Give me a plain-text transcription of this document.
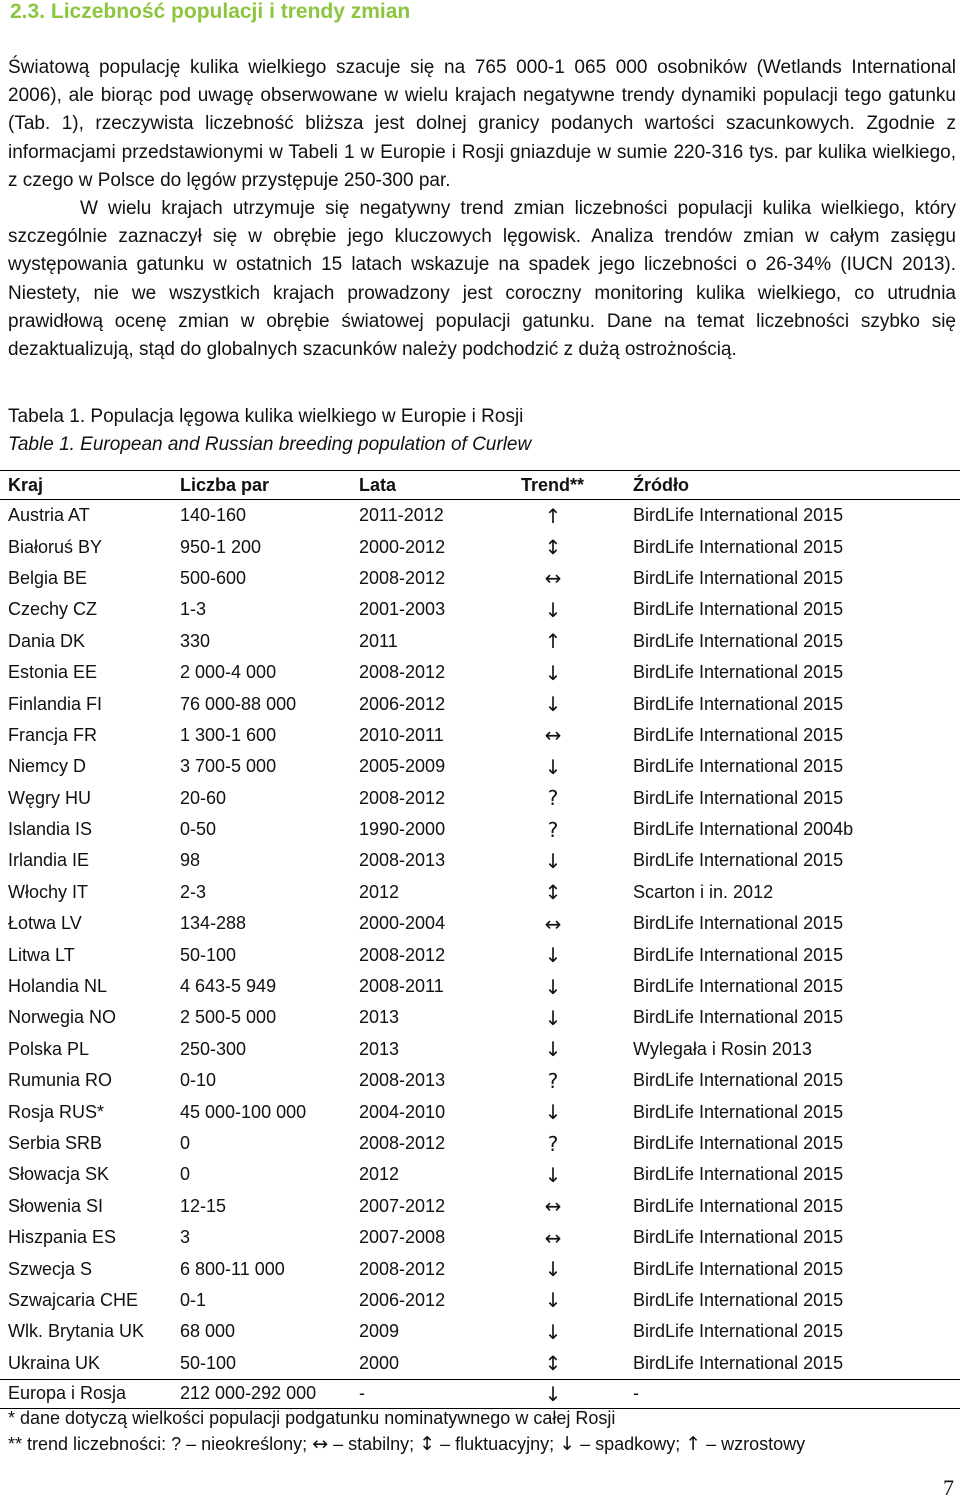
2.3. Liczebność populacji i trendy zmian

Światową populację kulika wielkiego szacuje się na 765 000-1 065 000 osobników (Wetlands International 2006), ale biorąc pod uwagę obserwowane w wielu krajach negatywne trendy dynamiki populacji tego gatunku (Tab. 1), rzeczywista liczebność bliższa jest dolnej granicy podanych wartości szacunkowych. Zgodnie z informacjami przedstawionymi w Tabeli 1 w Europie i Rosji gniazduje w sumie 220-316 tys. par kulika wielkiego, z czego w Polsce do lęgów przystępuje 250-300 par.

W wielu krajach utrzymuje się negatywny trend zmian liczebności populacji kulika wielkiego, który szczególnie zaznaczył się w obrębie jego kluczowych lęgowisk. Analiza trendów zmian w całym zasięgu występowania gatunku w ostatnich 15 latach wskazuje na spadek jego liczebności o 26-34% (IUCN 2013). Niestety, nie we wszystkich krajach prowadzony jest coroczny monitoring kulika wielkiego, co utrudnia prawidłową ocenę zmian w obrębie światowej populacji gatunku. Dane na temat liczebności szybko się dezaktualizują, stąd do globalnych szacunków należy podchodzić z dużą ostrożnością.

Tabela 1. Populacja lęgowa kulika wielkiego w Europie i Rosji
Table 1. European and Russian breeding population of Curlew
Kraj	Liczba par	Lata	Trend**	Źródło
Austria AT	140-160	2011-2012	↑	BirdLife International 2015
Białoruś BY	950-1 200	2000-2012	↕	BirdLife International 2015
Belgia BE	500-600	2008-2012	↔	BirdLife International 2015
Czechy CZ	1-3	2001-2003	↓	BirdLife International 2015
Dania DK	330	2011	↑	BirdLife International 2015
Estonia EE	2 000-4 000	2008-2012	↓	BirdLife International 2015
Finlandia FI	76 000-88 000	2006-2012	↓	BirdLife International 2015
Francja FR	1 300-1 600	2010-2011	↔	BirdLife International 2015
Niemcy D	3 700-5 000	2005-2009	↓	BirdLife International 2015
Węgry HU	20-60	2008-2012	?	BirdLife International 2015
Islandia IS	0-50	1990-2000	?	BirdLife International 2004b
Irlandia IE	98	2008-2013	↓	BirdLife International 2015
Włochy IT	2-3	2012	↕	Scarton i in. 2012
Łotwa LV	134-288	2000-2004	↔	BirdLife International 2015
Litwa LT	50-100	2008-2012	↓	BirdLife International 2015
Holandia NL	4 643-5 949	2008-2011	↓	BirdLife International 2015
Norwegia NO	2 500-5 000	2013	↓	BirdLife International 2015
Polska PL	250-300	2013	↓	Wylegała i Rosin 2013
Rumunia RO	0-10	2008-2013	?	BirdLife International 2015
Rosja RUS*	45 000-100 000	2004-2010	↓	BirdLife International 2015
Serbia SRB	0	2008-2012	?	BirdLife International 2015
Słowacja SK	0	2012	↓	BirdLife International 2015
Słowenia SI	12-15	2007-2012	↔	BirdLife International 2015
Hiszpania ES	3	2007-2008	↔	BirdLife International 2015
Szwecja S	6 800-11 000	2008-2012	↓	BirdLife International 2015
Szwajcaria CHE	0-1	2006-2012	↓	BirdLife International 2015
Wlk. Brytania UK	68 000	2009	↓	BirdLife International 2015
Ukraina UK	50-100	2000	↕	BirdLife International 2015
Europa i Rosja	212 000-292 000	-	↓	-
* dane dotyczą wielkości populacji podgatunku nominatywnego w całej Rosji
** trend liczebności: ? – nieokreślony; ↔ – stabilny; ↕ – fluktuacyjny; ↓ – spadkowy; ↑ – wzrostowy
7
